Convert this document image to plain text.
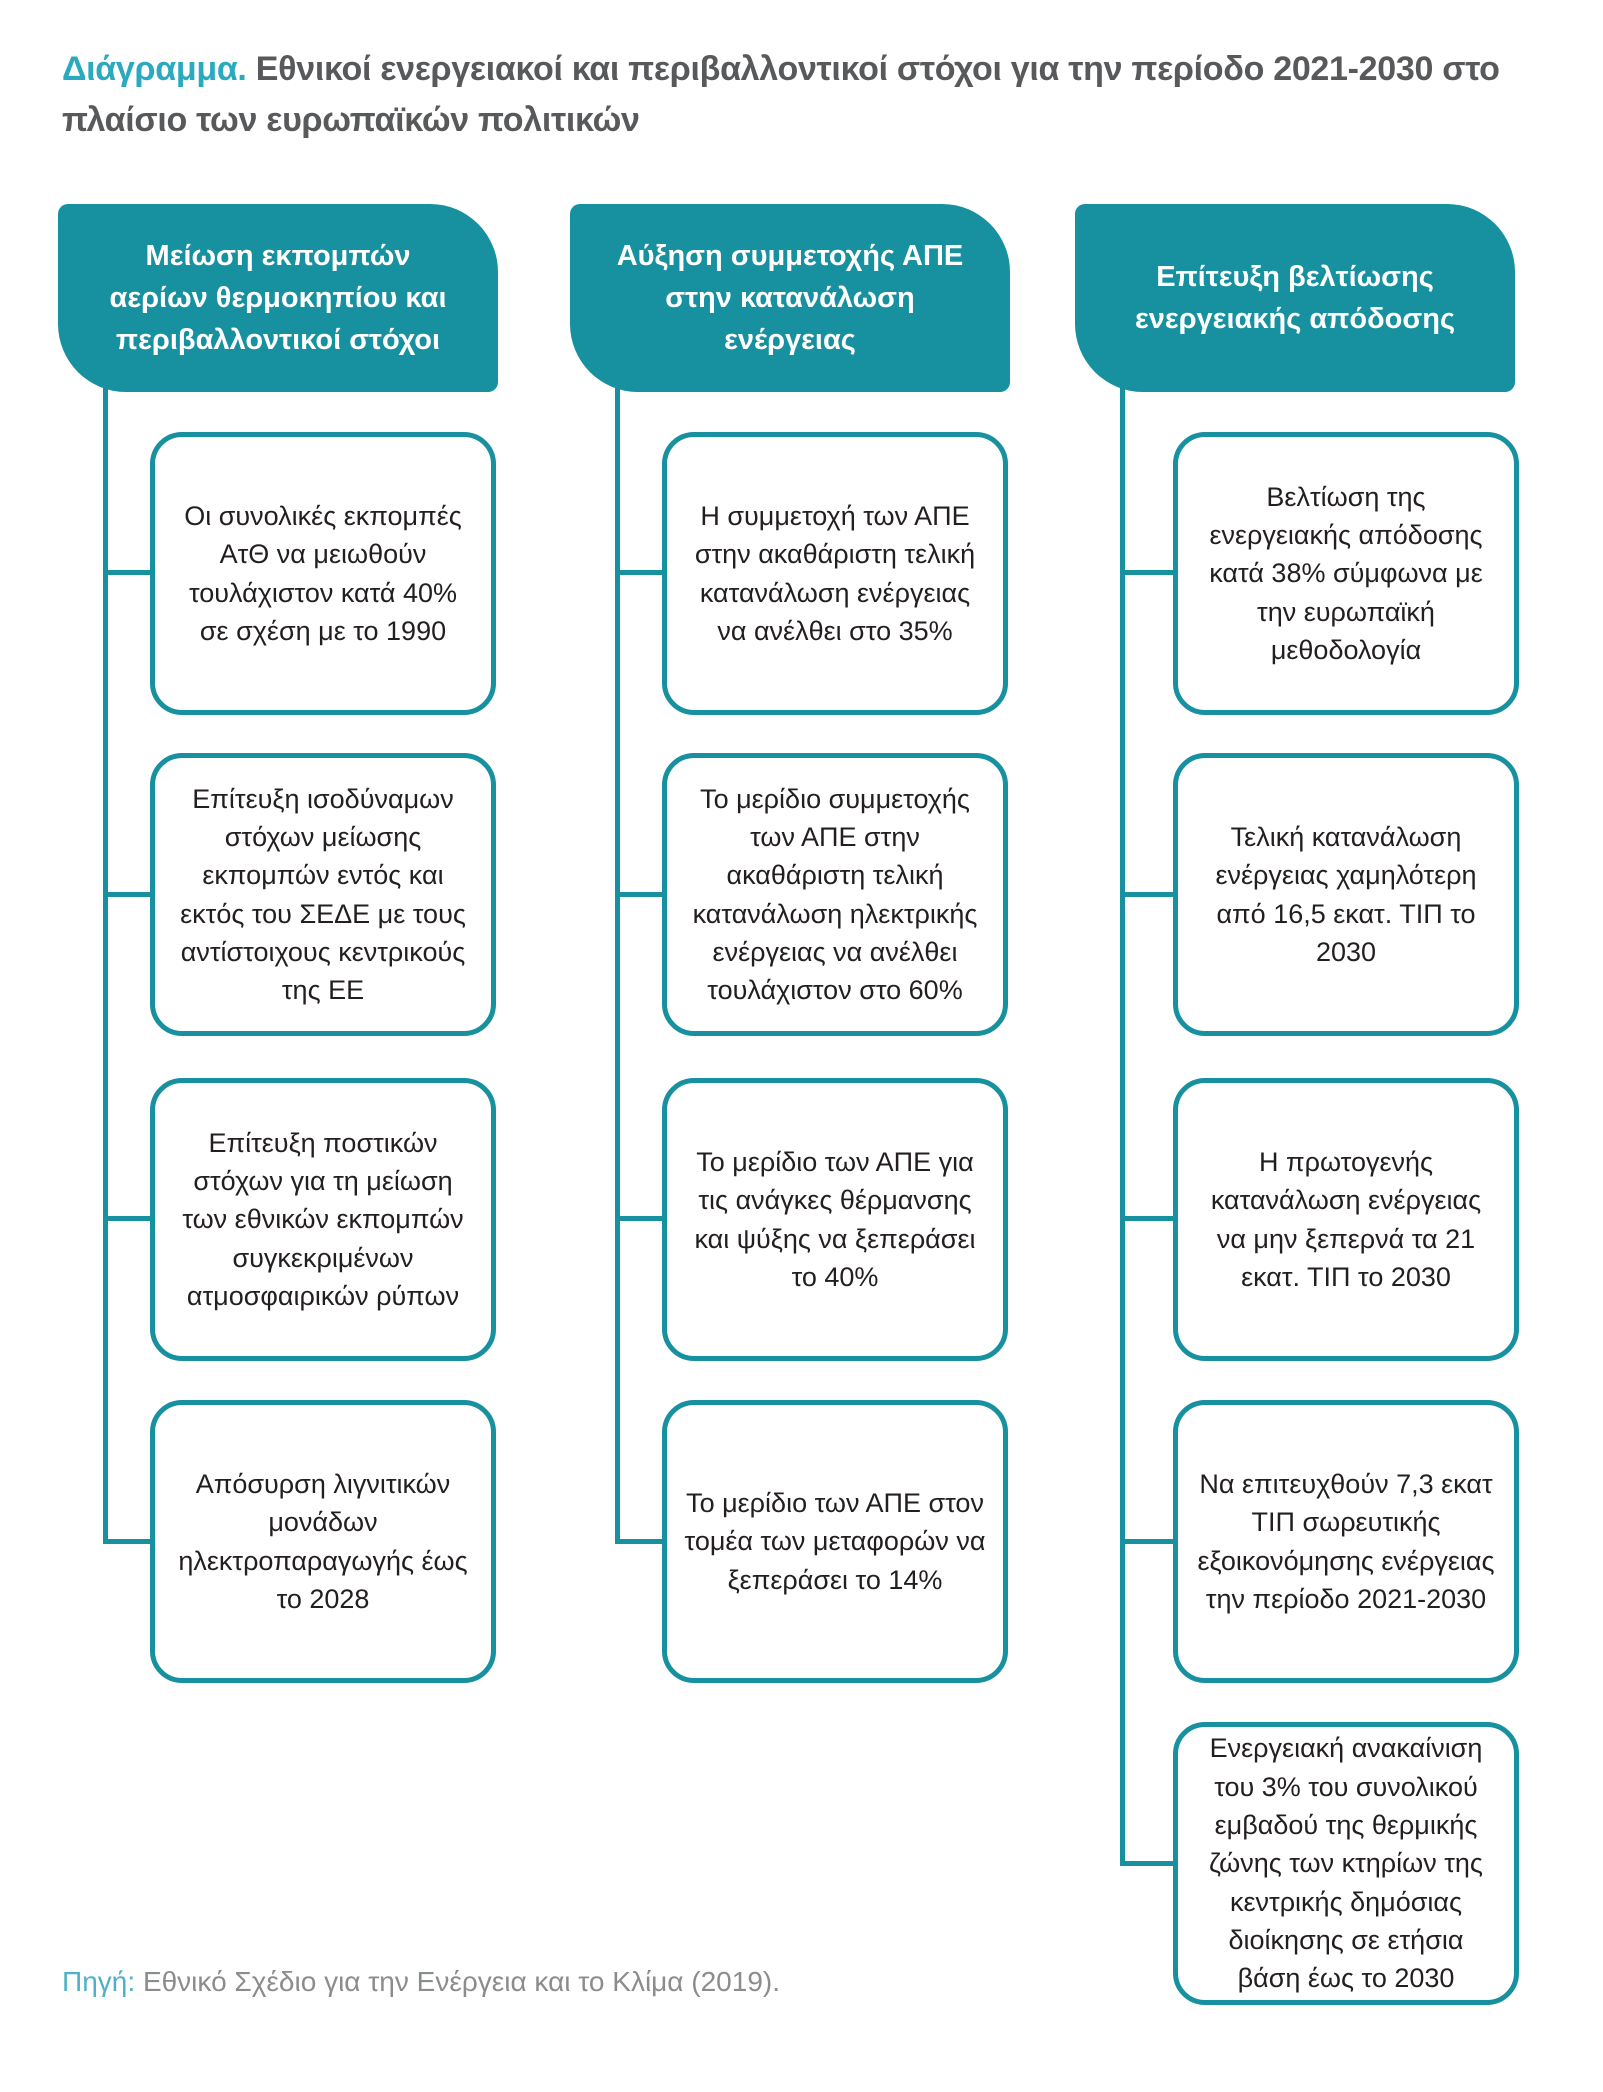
Διάγραμμα. Εθνικοί ενεργειακοί και περιβαλλοντικοί στόχοι για την περίοδο 2021-2030 στο πλαίσιο των ευρωπαϊκών πολιτικών
Μείωση εκπομπών αερίων θερμοκηπίου και περιβαλλοντικοί στόχοι
Αύξηση συμμετοχής ΑΠΕ στην κατανάλωση ενέργειας
Επίτευξη βελτίωσης ενεργειακής απόδοσης
Οι συνολικές εκπομπές ΑτΘ να μειωθούν τουλάχιστον κατά 40% σε σχέση με το 1990
Επίτευξη ισοδύναμων στόχων μείωσης εκπομπών εντός και εκτός του ΣΕΔΕ με τους αντίστοιχους κεντρικούς της ΕΕ
Επίτευξη ποστικών στόχων για τη μείωση των εθνικών εκπομπών συγκεκριμένων ατμοσφαιρικών ρύπων
Απόσυρση λιγνιτικών μονάδων ηλεκτροπαραγωγής έως το 2028
Η συμμετοχή των ΑΠΕ στην ακαθάριστη τελική κατανάλωση ενέργειας να ανέλθει στο 35%
Το μερίδιο συμμετοχής των ΑΠΕ στην ακαθάριστη τελική κατανάλωση ηλεκτρικής ενέργειας να ανέλθει τουλάχιστον στο 60%
Το μερίδιο των ΑΠΕ για τις ανάγκες θέρμανσης και ψύξης να ξεπεράσει το 40%
Το μερίδιο των ΑΠΕ στον τομέα των μεταφορών να ξεπεράσει το 14%
Βελτίωση της ενεργειακής απόδοσης κατά 38% σύμφωνα με την ευρωπαϊκή μεθοδολογία
Τελική κατανάλωση ενέργειας χαμηλότερη από 16,5 εκατ. ΤΙΠ το 2030
Η πρωτογενής κατανάλωση ενέργειας να μην ξεπερνά τα 21 εκατ. ΤΙΠ το 2030
Να επιτευχθούν 7,3 εκατ ΤΙΠ σωρευτικής εξοικονόμησης ενέργειας την περίοδο 2021-2030
Ενεργειακή ανακαίνιση του 3% του συνολικού εμβαδού της θερμικής ζώνης των κτηρίων της κεντρικής δημόσιας διοίκησης σε ετήσια βάση έως το 2030

Πηγή: Εθνικό Σχέδιο για την Ενέργεια και το Κλίμα (2019).
